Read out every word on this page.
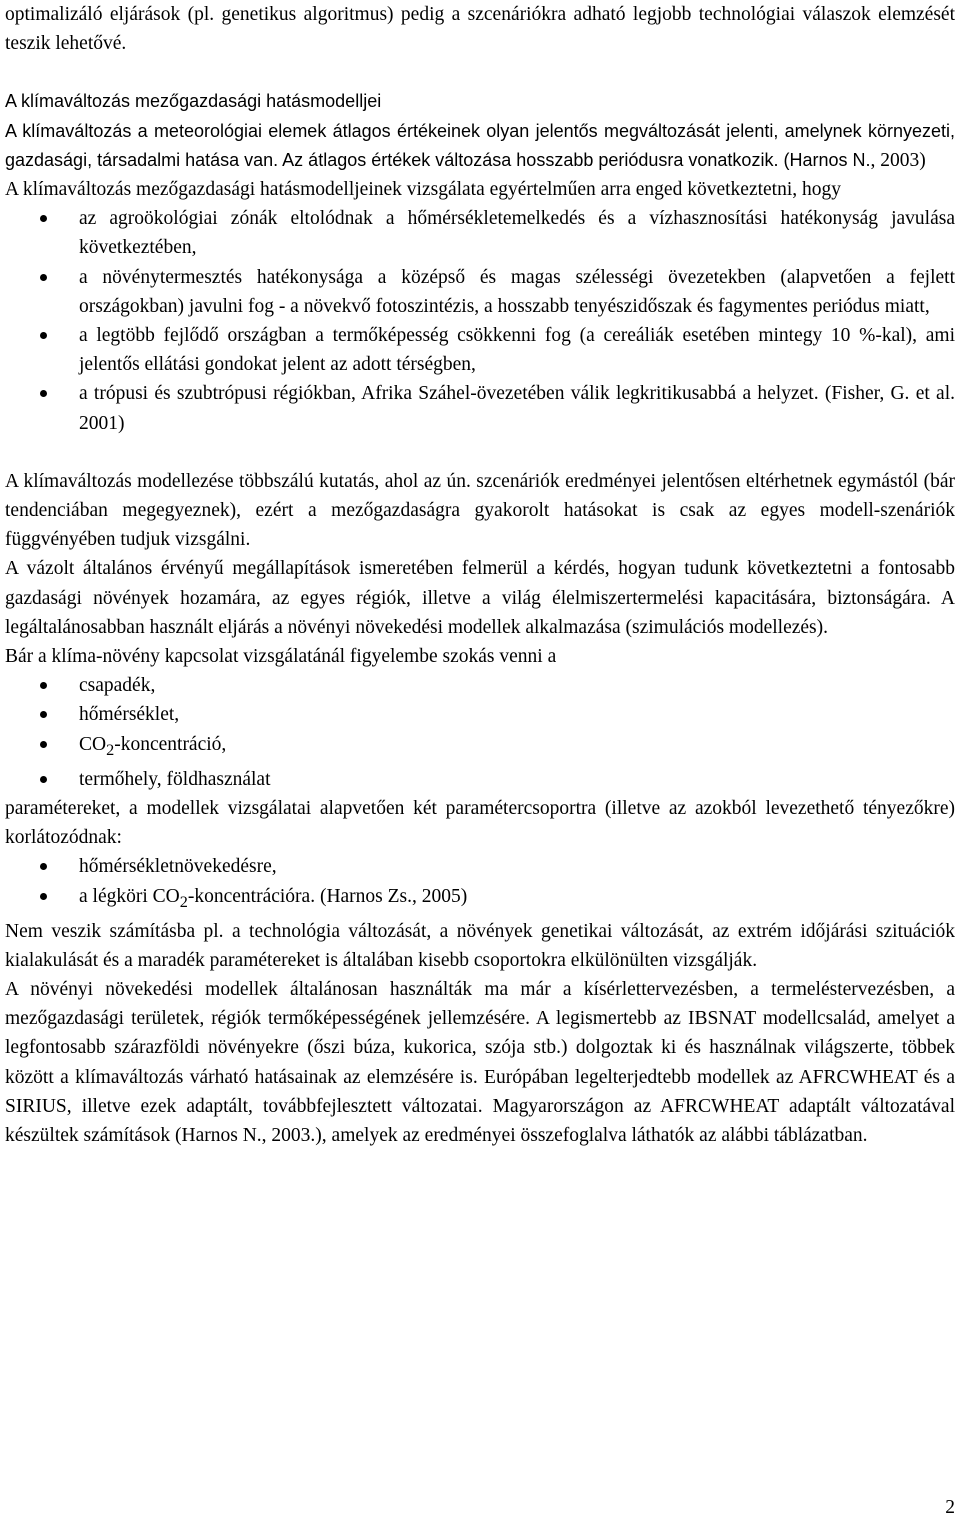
optimalizáló eljárások (pl. genetikus algoritmus) pedig a szcenáriókra adható legjobb technológiai válaszok elemzését teszik lehetővé.

A klímaváltozás mezőgazdasági hatásmodelljei

A klímaváltozás a meteorológiai elemek átlagos értékeinek olyan jelentős megváltozását jelenti, amelynek környezeti, gazdasági, társadalmi hatása van. Az átlagos értékek változása hosszabb periódusra vonatkozik. (Harnos N., 2003)

A klímaváltozás mezőgazdasági hatásmodelljeinek vizsgálata egyértelműen arra enged következtetni, hogy

az agroökológiai zónák eltolódnak a hőmérsékletemelkedés és a vízhasznosítási hatékonyság javulása következtében,
a növénytermesztés hatékonysága a középső és magas szélességi övezetekben (alapvetően a fejlett országokban) javulni fog - a növekvő fotoszintézis, a hosszabb tenyészidőszak és fagymentes periódus miatt,
a legtöbb fejlődő országban a termőképesség csökkenni fog (a cereáliák esetében mintegy 10 %-kal), ami jelentős ellátási gondokat jelent az adott térségben,
a trópusi és szubtrópusi régiókban, Afrika Száhel-övezetében válik legkritikusabbá a helyzet. (Fisher, G. et al. 2001)

A klímaváltozás modellezése többszálú kutatás, ahol az ún. szcenáriók eredményei jelentősen eltérhetnek egymástól (bár tendenciában megegyeznek), ezért a mezőgazdaságra gyakorolt hatásokat is csak az egyes modell-szenáriók függvényében tudjuk vizsgálni.

A vázolt általános érvényű megállapítások ismeretében felmerül a kérdés, hogyan tudunk következtetni a fontosabb gazdasági növények hozamára, az egyes régiók, illetve a világ élelmiszertermelési kapacitására, biztonságára. A legáltalánosabban használt eljárás a növényi növekedési modellek alkalmazása (szimulációs modellezés).

Bár a klíma-növény kapcsolat vizsgálatánál figyelembe szokás venni a

csapadék,
hőmérséklet,
$CO_2$-koncentráció,
termőhely, földhasználat

paramétereket, a modellek vizsgálatai alapvetően két paramétercsoportra (illetve az azokból levezethető tényezőkre) korlátozódnak:

hőmérsékletnövekedésre,
a légköri $CO_2$-koncentrációra. (Harnos Zs., 2005)

Nem veszik számításba pl. a technológia változását, a növények genetikai változását, az extrém időjárási szituációk kialakulását és a maradék paramétereket is általában kisebb csoportokra elkülönülten vizsgálják.

A növényi növekedési modellek általánosan használták ma már a kísérlettervezésben, a termeléstervezésben, a mezőgazdasági területek, régiók termőképességének jellemzésére. A legismertebb az IBSNAT modellcsalád, amelyet a legfontosabb szárazföldi növényekre (őszi búza, kukorica, szója stb.) dolgoztak ki és használnak világszerte, többek között a klímaváltozás várható hatásainak az elemzésére is. Európában legelterjedtebb modellek az AFRCWHEAT és a SIRIUS, illetve ezek adaptált, továbbfejlesztett változatai. Magyarországon az AFRCWHEAT adaptált változatával készültek számítások (Harnos N., 2003.), amelyek az eredményei összefoglalva láthatók az alábbi táblázatban.

2
